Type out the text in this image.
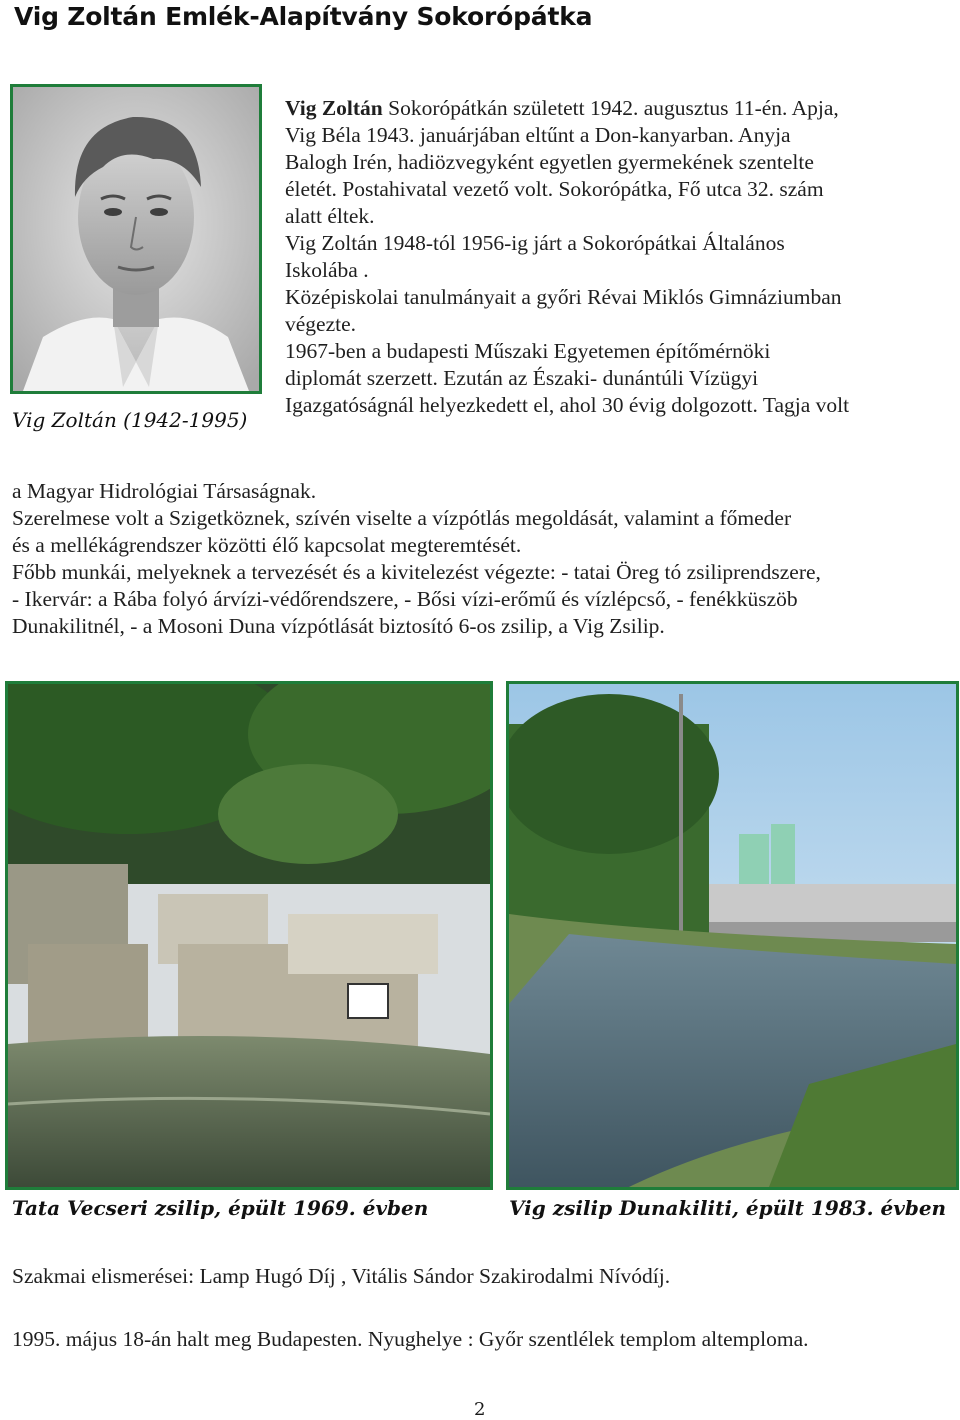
Vig Zoltán Emlék-Alapítvány Sokorópátka
Vig Zoltán (1942-1995)
Vig Zoltán Sokorópátkán született 1942. augusztus 11-én. Apja,
Vig Béla 1943. januárjában eltűnt a Don-kanyarban. Anyja
Balogh Irén, hadiözvegyként egyetlen gyermekének szentelte
életét. Postahivatal vezető volt. Sokorópátka, Fő utca 32. szám
alatt éltek.
Vig Zoltán 1948-tól 1956-ig járt a Sokorópátkai Általános
Iskolába .
Középiskolai tanulmányait a győri Révai Miklós Gimnáziumban
végezte.
1967-ben a budapesti Műszaki Egyetemen építőmérnöki
diplomát szerzett. Ezután az Északi- dunántúli Vízügyi
Igazgatóságnál helyezkedett el, ahol 30 évig dolgozott. Tagja volt
a Magyar Hidrológiai Társaságnak.
Szerelmese volt a Szigetköznek, szívén viselte a vízpótlás megoldását, valamint a főmeder
és a mellékágrendszer közötti élő kapcsolat megteremtését.
Főbb munkái, melyeknek a tervezését és a kivitelezést végezte: - tatai Öreg tó zsiliprendszere,
- Ikervár: a Rába folyó árvízi-védőrendszere, - Bősi vízi-erőmű és vízlépcső, - fenékküszöb
Dunakilitnél, - a Mosoni Duna vízpótlását biztosító 6-os zsilip, a Vig Zsilip.
Tata Vecseri zsilip, épült 1969. évben	Vig zsilip Dunakiliti, épült 1983. évben
Szakmai elismerései: Lamp Hugó Díj , Vitális Sándor Szakirodalmi Nívódíj.
1995. május 18-án halt meg Budapesten. Nyughelye : Győr szentlélek templom altemploma.
2
